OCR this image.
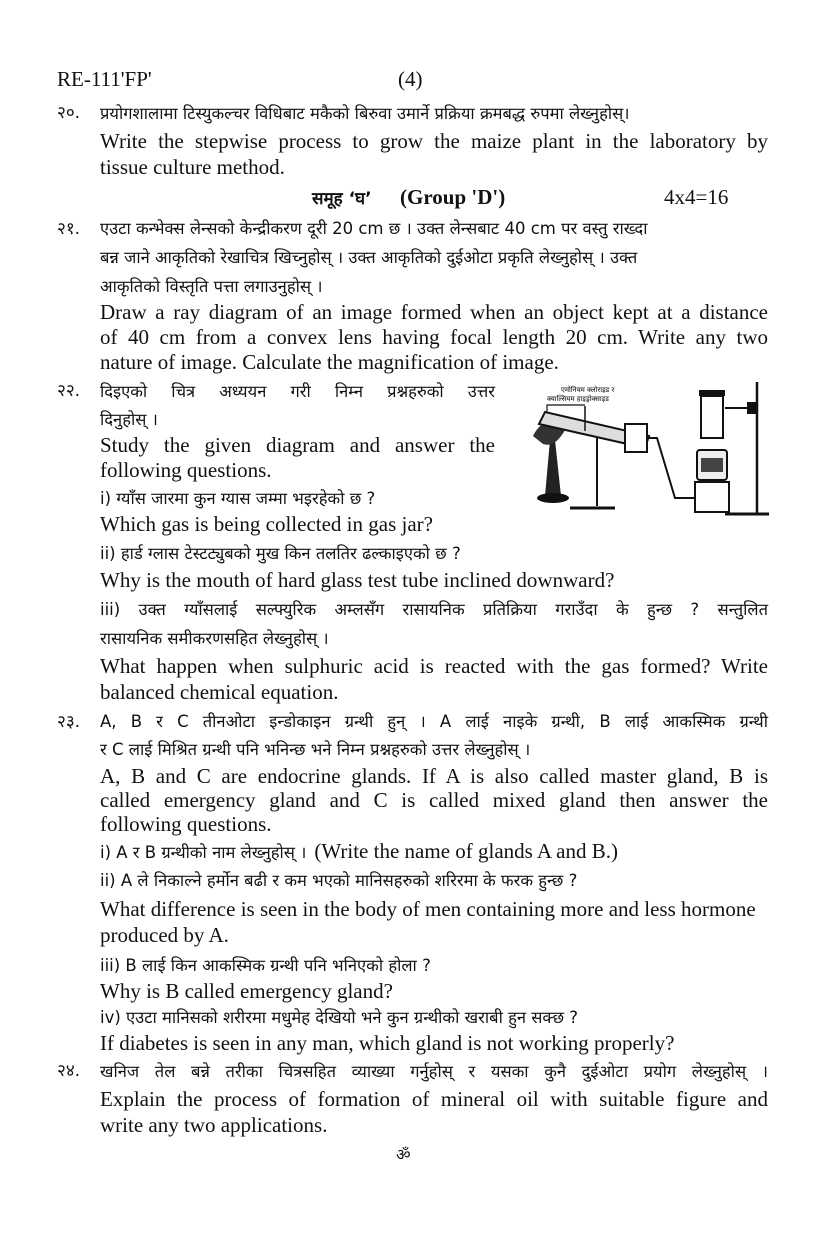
RE-111'FP'	(4)
२०. प्रयोगशालामा टिस्युकल्चर विधिबाट मकैको बिरुवा उमार्ने प्रक्रिया क्रमबद्ध रुपमा लेख्नुहोस्।
Write the stepwise process to grow the maize plant in the laboratory by
tissue culture method.
समूह ‘घ’ (Group 'D')	4x4=16
२१. एउटा कन्भेक्स लेन्सको केन्द्रीकरण दूरी 20 cm छ । उक्त लेन्सबाट 40 cm पर वस्तु राख्दा
बन्न जाने आकृतिको रेखाचित्र खिच्नुहोस् । उक्त आकृतिको दुईओटा प्रकृति लेख्नुहोस् । उक्त
आकृतिको विस्तृति पत्ता लगाउनुहोस् ।
Draw a ray diagram of an image formed when an object kept at a distance
of 40 cm from a convex lens having focal length 20 cm. Write any two
nature of image. Calculate the magnification of image.
२२. दिइएको चित्र अध्ययन गरी निम्न प्रश्नहरुको उत्तर
दिनुहोस् ।
Study the given diagram and answer the
following questions.
i) ग्याँस जारमा कुन ग्यास जम्मा भइरहेको छ ?
Which gas is being collected in gas jar?
ii) हार्ड ग्लास टेस्टट्युबको मुख किन तलतिर ढल्काइएको छ ?
Why is the mouth of hard glass test tube inclined downward?
iii) उक्त ग्याँसलाई सल्फ्युरिक अम्लसँग रासायनिक प्रतिक्रिया गराउँदा के हुन्छ ? सन्तुलित
रासायनिक समीकरणसहित लेख्नुहोस् ।
What happen when sulphuric acid is reacted with the gas formed? Write
balanced chemical equation.
एमोनियम क्लोराइड र
क्याल्सियम हाइड्रोक्साइड
२३. A, B र C तीनओटा इन्डोकाइन ग्रन्थी हुन् । A लाई नाइके ग्रन्थी, B लाई आकस्मिक ग्रन्थी
र C लाई मिश्रित ग्रन्थी पनि भनिन्छ भने निम्न प्रश्नहरुको उत्तर लेख्नुहोस् ।
A, B and C are endocrine glands. If A is also called master gland, B is
called emergency gland and C is called mixed gland then answer the
following questions.
i) A र B ग्रन्थीको नाम लेख्नुहोस् । (Write the name of glands A and B.)
ii) A ले निकाल्ने हर्मोन बढी र कम भएको मानिसहरुको शरिरमा के फरक हुन्छ ?
What difference is seen in the body of men containing more and less hormone
produced by A.
iii) B लाई किन आकस्मिक ग्रन्थी पनि भनिएको होला ?
Why is B called emergency gland?
iv) एउटा मानिसको शरीरमा मधुमेह देखियो भने कुन ग्रन्थीको खराबी हुन सक्छ ?
If diabetes is seen in any man, which gland is not working properly?
२४. खनिज तेल बन्ने तरीका चित्रसहित व्याख्या गर्नुहोस् र यसका कुनै दुईओटा प्रयोग लेख्नुहोस् ।
Explain the process of formation of mineral oil with suitable figure and
write any two applications.
ॐ
